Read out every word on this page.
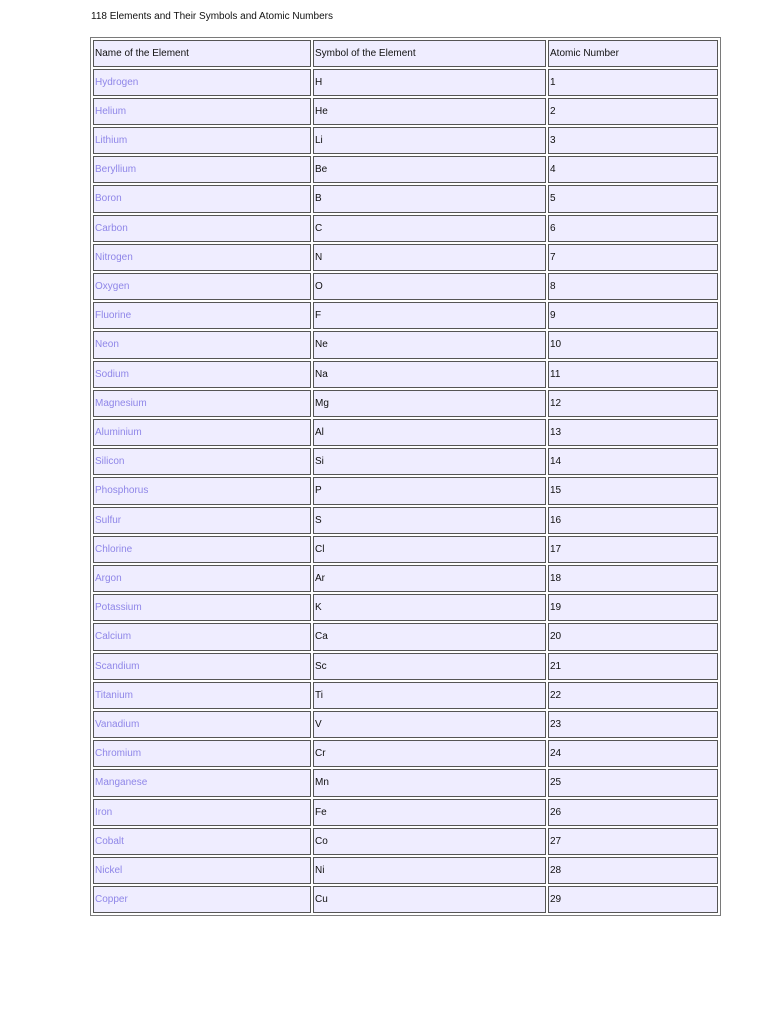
118 Elements and Their Symbols and Atomic Numbers
Name of the Element	Symbol of the Element	Atomic Number
Hydrogen	H	1
Helium	He	2
Lithium	Li	3
Beryllium	Be	4
Boron	B	5
Carbon	C	6
Nitrogen	N	7
Oxygen	O	8
Fluorine	F	9
Neon	Ne	10
Sodium	Na	11
Magnesium	Mg	12
Aluminium	Al	13
Silicon	Si	14
Phosphorus	P	15
Sulfur	S	16
Chlorine	Cl	17
Argon	Ar	18
Potassium	K	19
Calcium	Ca	20
Scandium	Sc	21
Titanium	Ti	22
Vanadium	V	23
Chromium	Cr	24
Manganese	Mn	25
Iron	Fe	26
Cobalt	Co	27
Nickel	Ni	28
Copper	Cu	29
